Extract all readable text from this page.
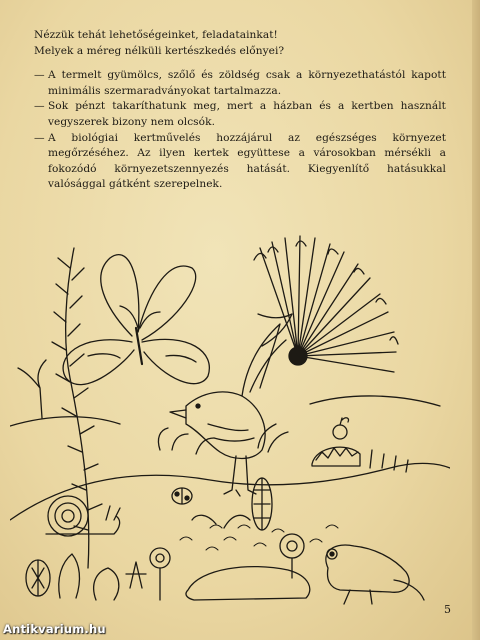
Nézzük tehát lehetőségeinket, feladatainkat!

Melyek a méreg nélküli kertészkedés előnyei?

— A termelt gyümölcs, szőlő és zöldség csak a környezethatástól kapott minimális szermaradványokat tartalmazza.

— Sok pénzt takaríthatunk meg, mert a házban és a kertben használt vegyszerek bizony nem olcsók.

— A biológiai kertművelés hozzájárul az egészséges környezet megőrzéséhez. Az ilyen kertek együttese a városokban mérsékli a fokozódó környezetszennyezés hatását. Kiegyenlítő hatásukkal valósággal gátként szerepelnek.

5
Antikvarium.hu
